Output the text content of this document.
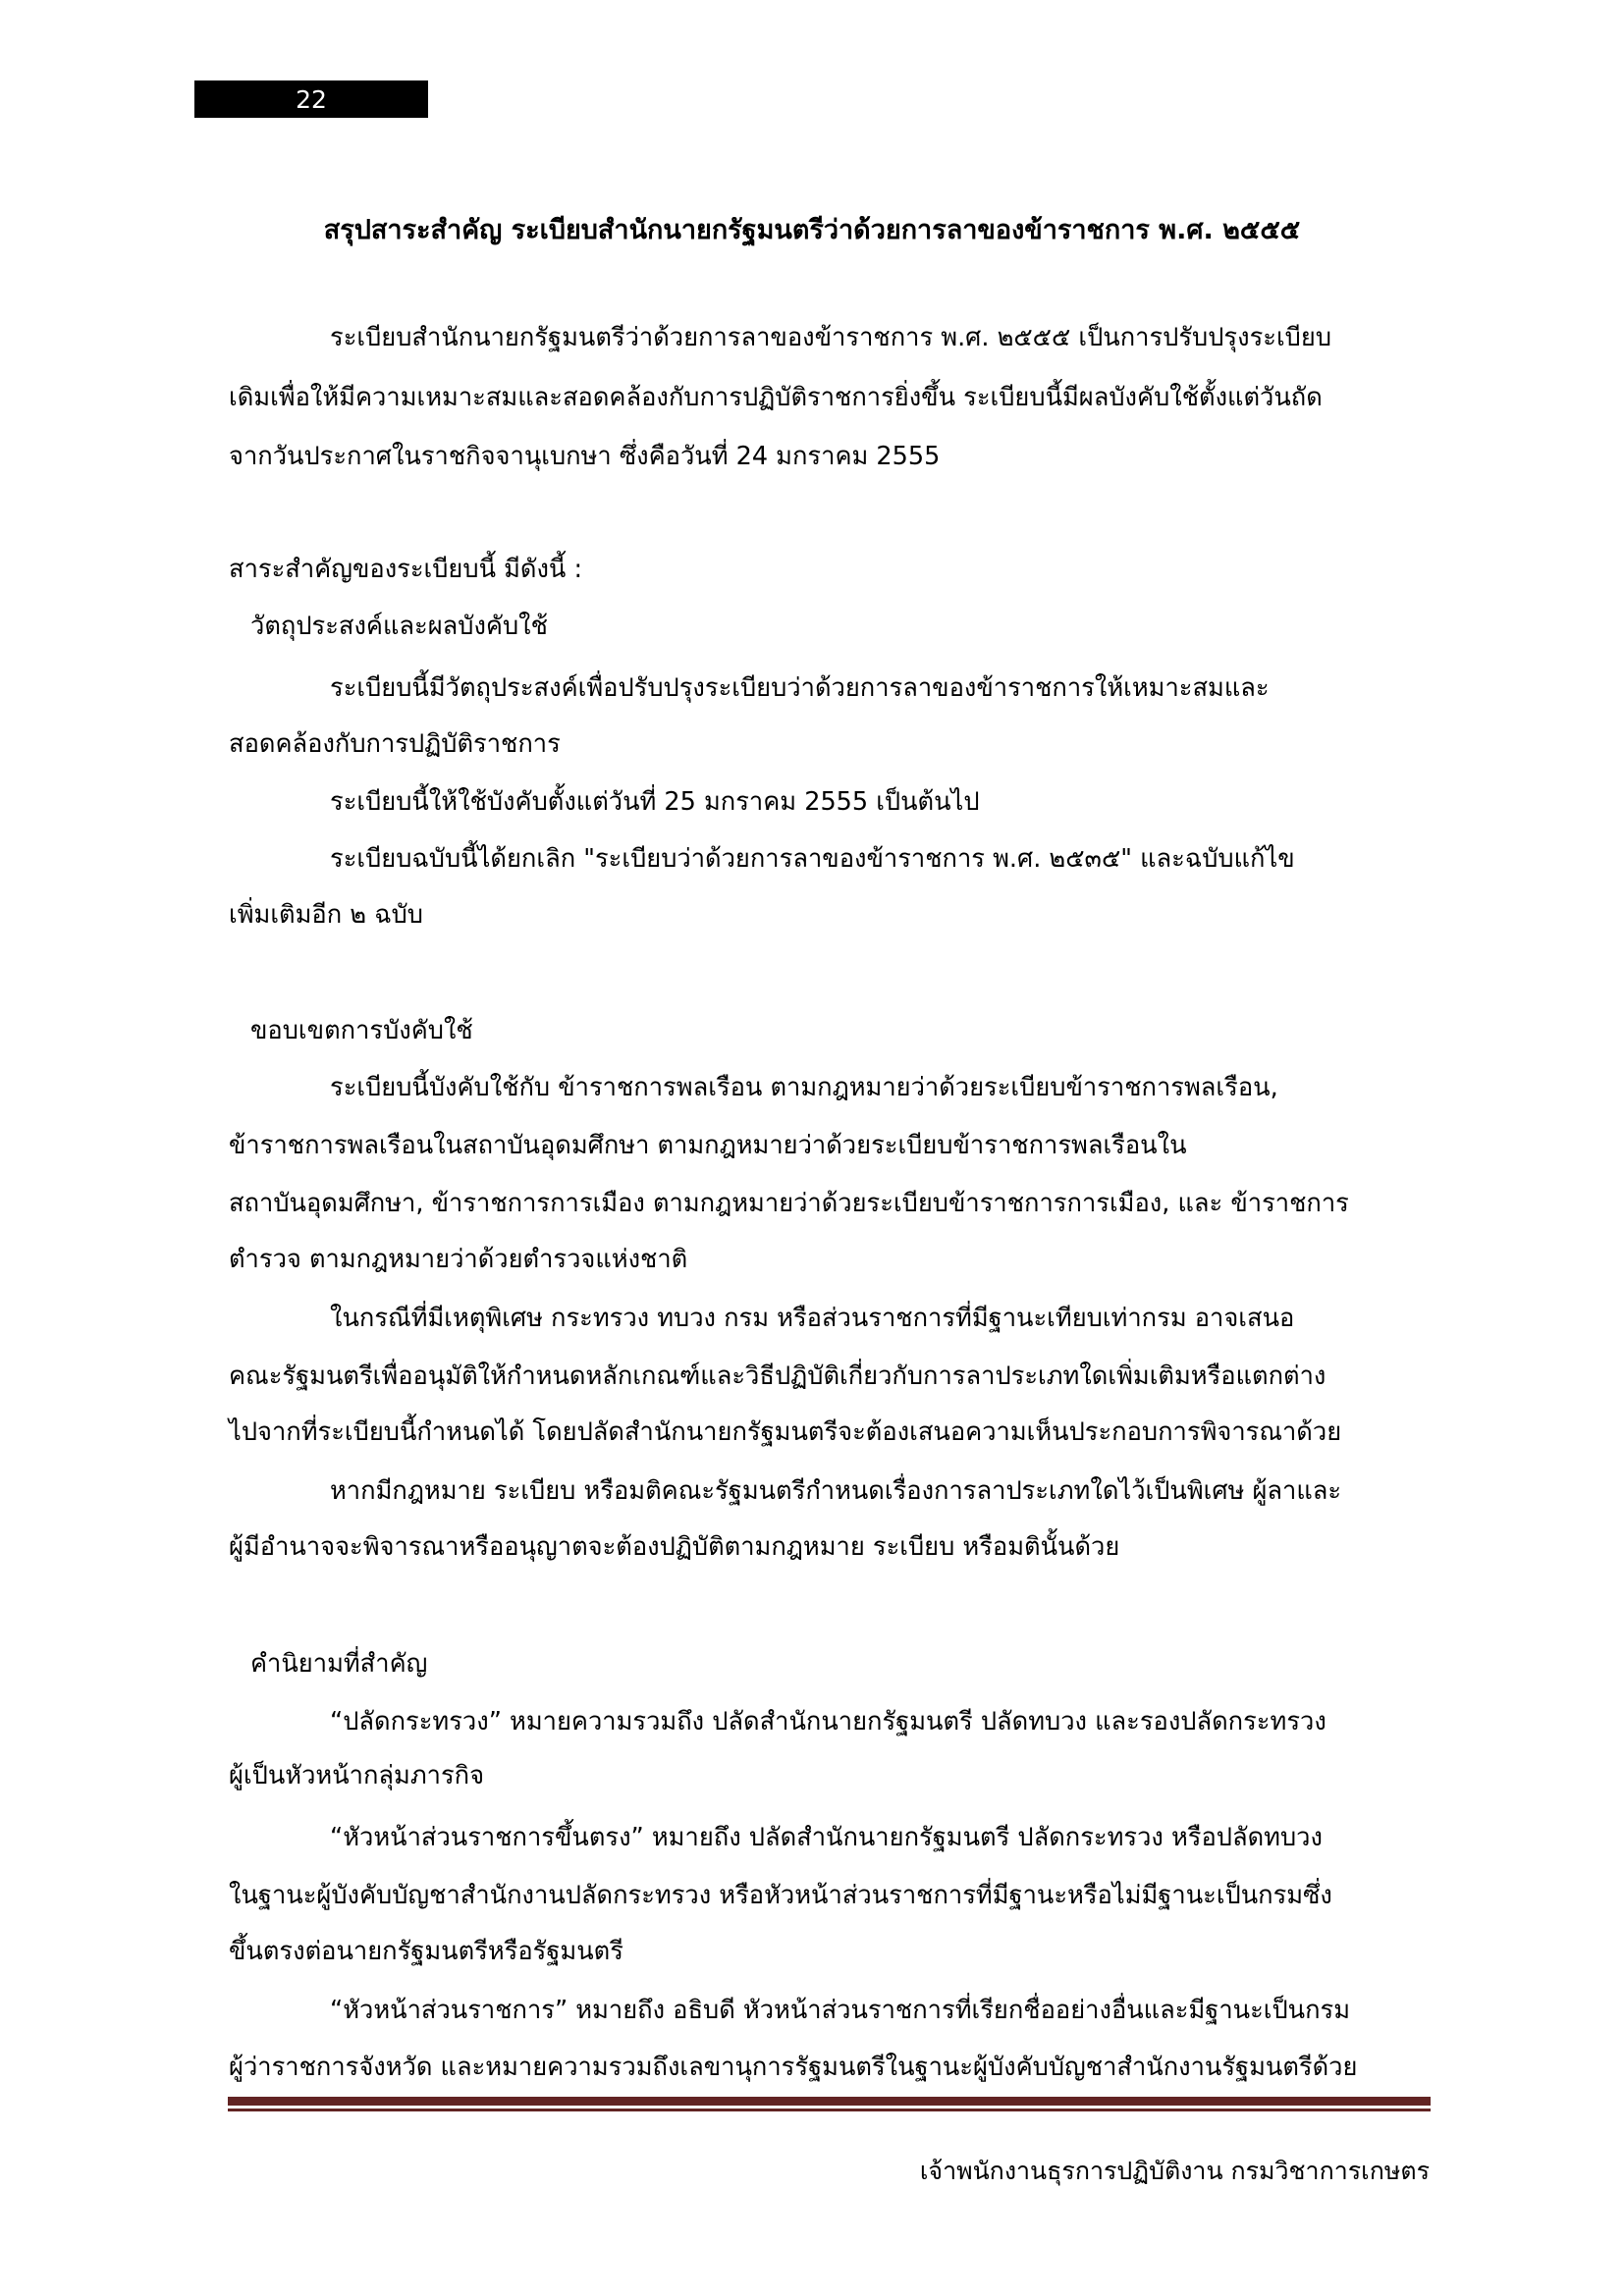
22
สรุปสาระสำคัญ ระเบียบสำนักนายกรัฐมนตรีว่าด้วยการลาของข้าราชการ พ.ศ. ๒๕๕๕
ระเบียบสำนักนายกรัฐมนตรีว่าด้วยการลาของข้าราชการ พ.ศ. ๒๕๕๕ เป็นการปรับปรุงระเบียบ
เดิมเพื่อให้มีความเหมาะสมและสอดคล้องกับการปฏิบัติราชการยิ่งขึ้น ระเบียบนี้มีผลบังคับใช้ตั้งแต่วันถัด
จากวันประกาศในราชกิจจานุเบกษา ซึ่งคือวันที่ 24 มกราคม 2555
สาระสำคัญของระเบียบนี้ มีดังนี้ :
วัตถุประสงค์และผลบังคับใช้
ระเบียบนี้มีวัตถุประสงค์เพื่อปรับปรุงระเบียบว่าด้วยการลาของข้าราชการให้เหมาะสมและ
สอดคล้องกับการปฏิบัติราชการ
ระเบียบนี้ให้ใช้บังคับตั้งแต่วันที่ 25 มกราคม 2555 เป็นต้นไป
ระเบียบฉบับนี้ได้ยกเลิก "ระเบียบว่าด้วยการลาของข้าราชการ พ.ศ. ๒๕๓๕" และฉบับแก้ไข
เพิ่มเติมอีก ๒ ฉบับ
ขอบเขตการบังคับใช้
ระเบียบนี้บังคับใช้กับ ข้าราชการพลเรือน ตามกฎหมายว่าด้วยระเบียบข้าราชการพลเรือน,
ข้าราชการพลเรือนในสถาบันอุดมศึกษา ตามกฎหมายว่าด้วยระเบียบข้าราชการพลเรือนใน
สถาบันอุดมศึกษา, ข้าราชการการเมือง ตามกฎหมายว่าด้วยระเบียบข้าราชการการเมือง, และ ข้าราชการ
ตำรวจ ตามกฎหมายว่าด้วยตำรวจแห่งชาติ
ในกรณีที่มีเหตุพิเศษ กระทรวง ทบวง กรม หรือส่วนราชการที่มีฐานะเทียบเท่ากรม อาจเสนอ
คณะรัฐมนตรีเพื่ออนุมัติให้กำหนดหลักเกณฑ์และวิธีปฏิบัติเกี่ยวกับการลาประเภทใดเพิ่มเติมหรือแตกต่าง
ไปจากที่ระเบียบนี้กำหนดได้ โดยปลัดสำนักนายกรัฐมนตรีจะต้องเสนอความเห็นประกอบการพิจารณาด้วย
หากมีกฎหมาย ระเบียบ หรือมติคณะรัฐมนตรีกำหนดเรื่องการลาประเภทใดไว้เป็นพิเศษ ผู้ลาและ
ผู้มีอำนาจจะพิจารณาหรืออนุญาตจะต้องปฏิบัติตามกฎหมาย ระเบียบ หรือมตินั้นด้วย
คำนิยามที่สำคัญ
“ปลัดกระทรวง” หมายความรวมถึง ปลัดสำนักนายกรัฐมนตรี ปลัดทบวง และรองปลัดกระทรวง
ผู้เป็นหัวหน้ากลุ่มภารกิจ
“หัวหน้าส่วนราชการขึ้นตรง” หมายถึง ปลัดสำนักนายกรัฐมนตรี ปลัดกระทรวง หรือปลัดทบวง
ในฐานะผู้บังคับบัญชาสำนักงานปลัดกระทรวง หรือหัวหน้าส่วนราชการที่มีฐานะหรือไม่มีฐานะเป็นกรมซึ่ง
ขึ้นตรงต่อนายกรัฐมนตรีหรือรัฐมนตรี
“หัวหน้าส่วนราชการ” หมายถึง อธิบดี หัวหน้าส่วนราชการที่เรียกชื่ออย่างอื่นและมีฐานะเป็นกรม
ผู้ว่าราชการจังหวัด และหมายความรวมถึงเลขานุการรัฐมนตรีในฐานะผู้บังคับบัญชาสำนักงานรัฐมนตรีด้วย
เจ้าพนักงานธุรการปฏิบัติงาน กรมวิชาการเกษตร
